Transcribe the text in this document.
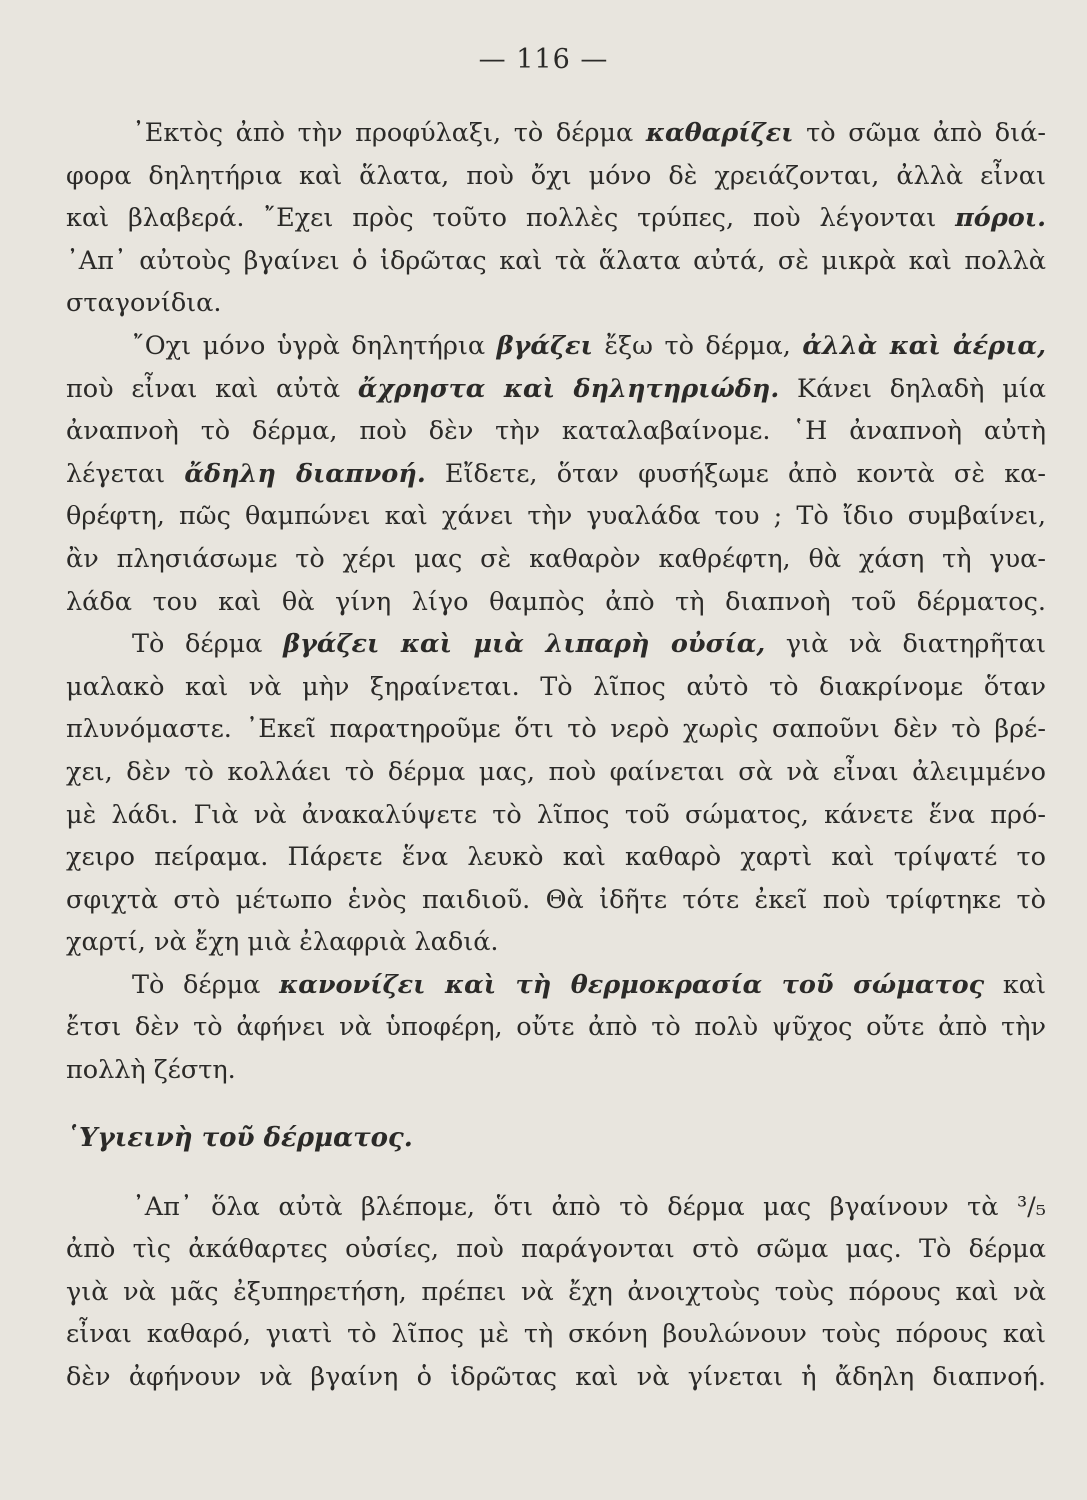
— 116 —
᾽Εκτὸς ἀπὸ τὴν προφύλαξι, τὸ δέρμα καθαρίζει τὸ σῶμα ἀπὸ διά-
φορα δηλητήρια καὶ ἅλατα, ποὺ ὄχι μόνο δὲ χρειάζονται, ἀλλὰ εἶναι
καὶ βλαβερά. ῎Εχει πρὸς τοῦτο πολλὲς τρύπες, ποὺ λέγονται πόροι.
᾽Απ᾽ αὐτοὺς βγαίνει ὁ ἱδρῶτας καὶ τὰ ἅλατα αὐτά, σὲ μικρὰ καὶ πολλὰ
σταγονίδια.
῎Οχι μόνο ὑγρὰ δηλητήρια βγάζει ἔξω τὸ δέρμα, ἀλλὰ καὶ ἀέρια,
ποὺ εἶναι καὶ αὐτὰ ἄχρηστα καὶ δηλητηριώδη. Κάνει δηλαδὴ μία
ἀναπνοὴ τὸ δέρμα, ποὺ δὲν τὴν καταλαβαίνομε. ῾Η ἀναπνοὴ αὐτὴ
λέγεται ἄδηλη διαπνοή. Εἴδετε, ὅταν φυσήξωμε ἀπὸ κοντὰ σὲ κα-
θρέφτη, πῶς θαμπώνει καὶ χάνει τὴν γυαλάδα του ; Τὸ ἴδιο συμβαίνει,
ἂν πλησιάσωμε τὸ χέρι μας σὲ καθαρὸν καθρέφτη, θὰ χάση τὴ γυα-
λάδα του καὶ θὰ γίνη λίγο θαμπὸς ἀπὸ τὴ διαπνοὴ τοῦ δέρματος.
Τὸ δέρμα βγάζει καὶ μιὰ λιπαρὴ οὐσία, γιὰ νὰ διατηρῆται
μαλακὸ καὶ νὰ μὴν ξηραίνεται. Τὸ λῖπος αὐτὸ τὸ διακρίνομε ὅταν
πλυνόμαστε. ᾽Εκεῖ παρατηροῦμε ὅτι τὸ νερὸ χωρὶς σαποῦνι δὲν τὸ βρέ-
χει, δὲν τὸ κολλάει τὸ δέρμα μας, ποὺ φαίνεται σὰ νὰ εἶναι ἀλειμμένο
μὲ λάδι. Γιὰ νὰ ἀνακαλύψετε τὸ λῖπος τοῦ σώματος, κάνετε ἕνα πρό-
χειρο πείραμα. Πάρετε ἕνα λευκὸ καὶ καθαρὸ χαρτὶ καὶ τρίψατέ το
σφιχτὰ στὸ μέτωπο ἑνὸς παιδιοῦ. Θὰ ἰδῆτε τότε ἐκεῖ ποὺ τρίφτηκε τὸ
χαρτί, νὰ ἔχη μιὰ ἐλαφριὰ λαδιά.
Τὸ δέρμα κανονίζει καὶ τὴ θερμοκρασία τοῦ σώματος καὶ
ἔτσι δὲν τὸ ἀφήνει νὰ ὑποφέρη, οὔτε ἀπὸ τὸ πολὺ ψῦχος οὔτε ἀπὸ τὴν
πολλὴ ζέστη.
῾Υγιεινὴ τοῦ δέρματος.
᾽Απ᾽ ὅλα αὐτὰ βλέπομε, ὅτι ἀπὸ τὸ δέρμα μας βγαίνουν τὰ ³/₅
ἀπὸ τὶς ἀκάθαρτες οὐσίες, ποὺ παράγονται στὸ σῶμα μας. Τὸ δέρμα
γιὰ νὰ μᾶς ἐξυπηρετήση, πρέπει νὰ ἔχη ἀνοιχτοὺς τοὺς πόρους καὶ νὰ
εἶναι καθαρό, γιατὶ τὸ λῖπος μὲ τὴ σκόνη βουλώνουν τοὺς πόρους καὶ
δὲν ἀφήνουν νὰ βγαίνη ὁ ἱδρῶτας καὶ νὰ γίνεται ἡ ἄδηλη διαπνοή.
